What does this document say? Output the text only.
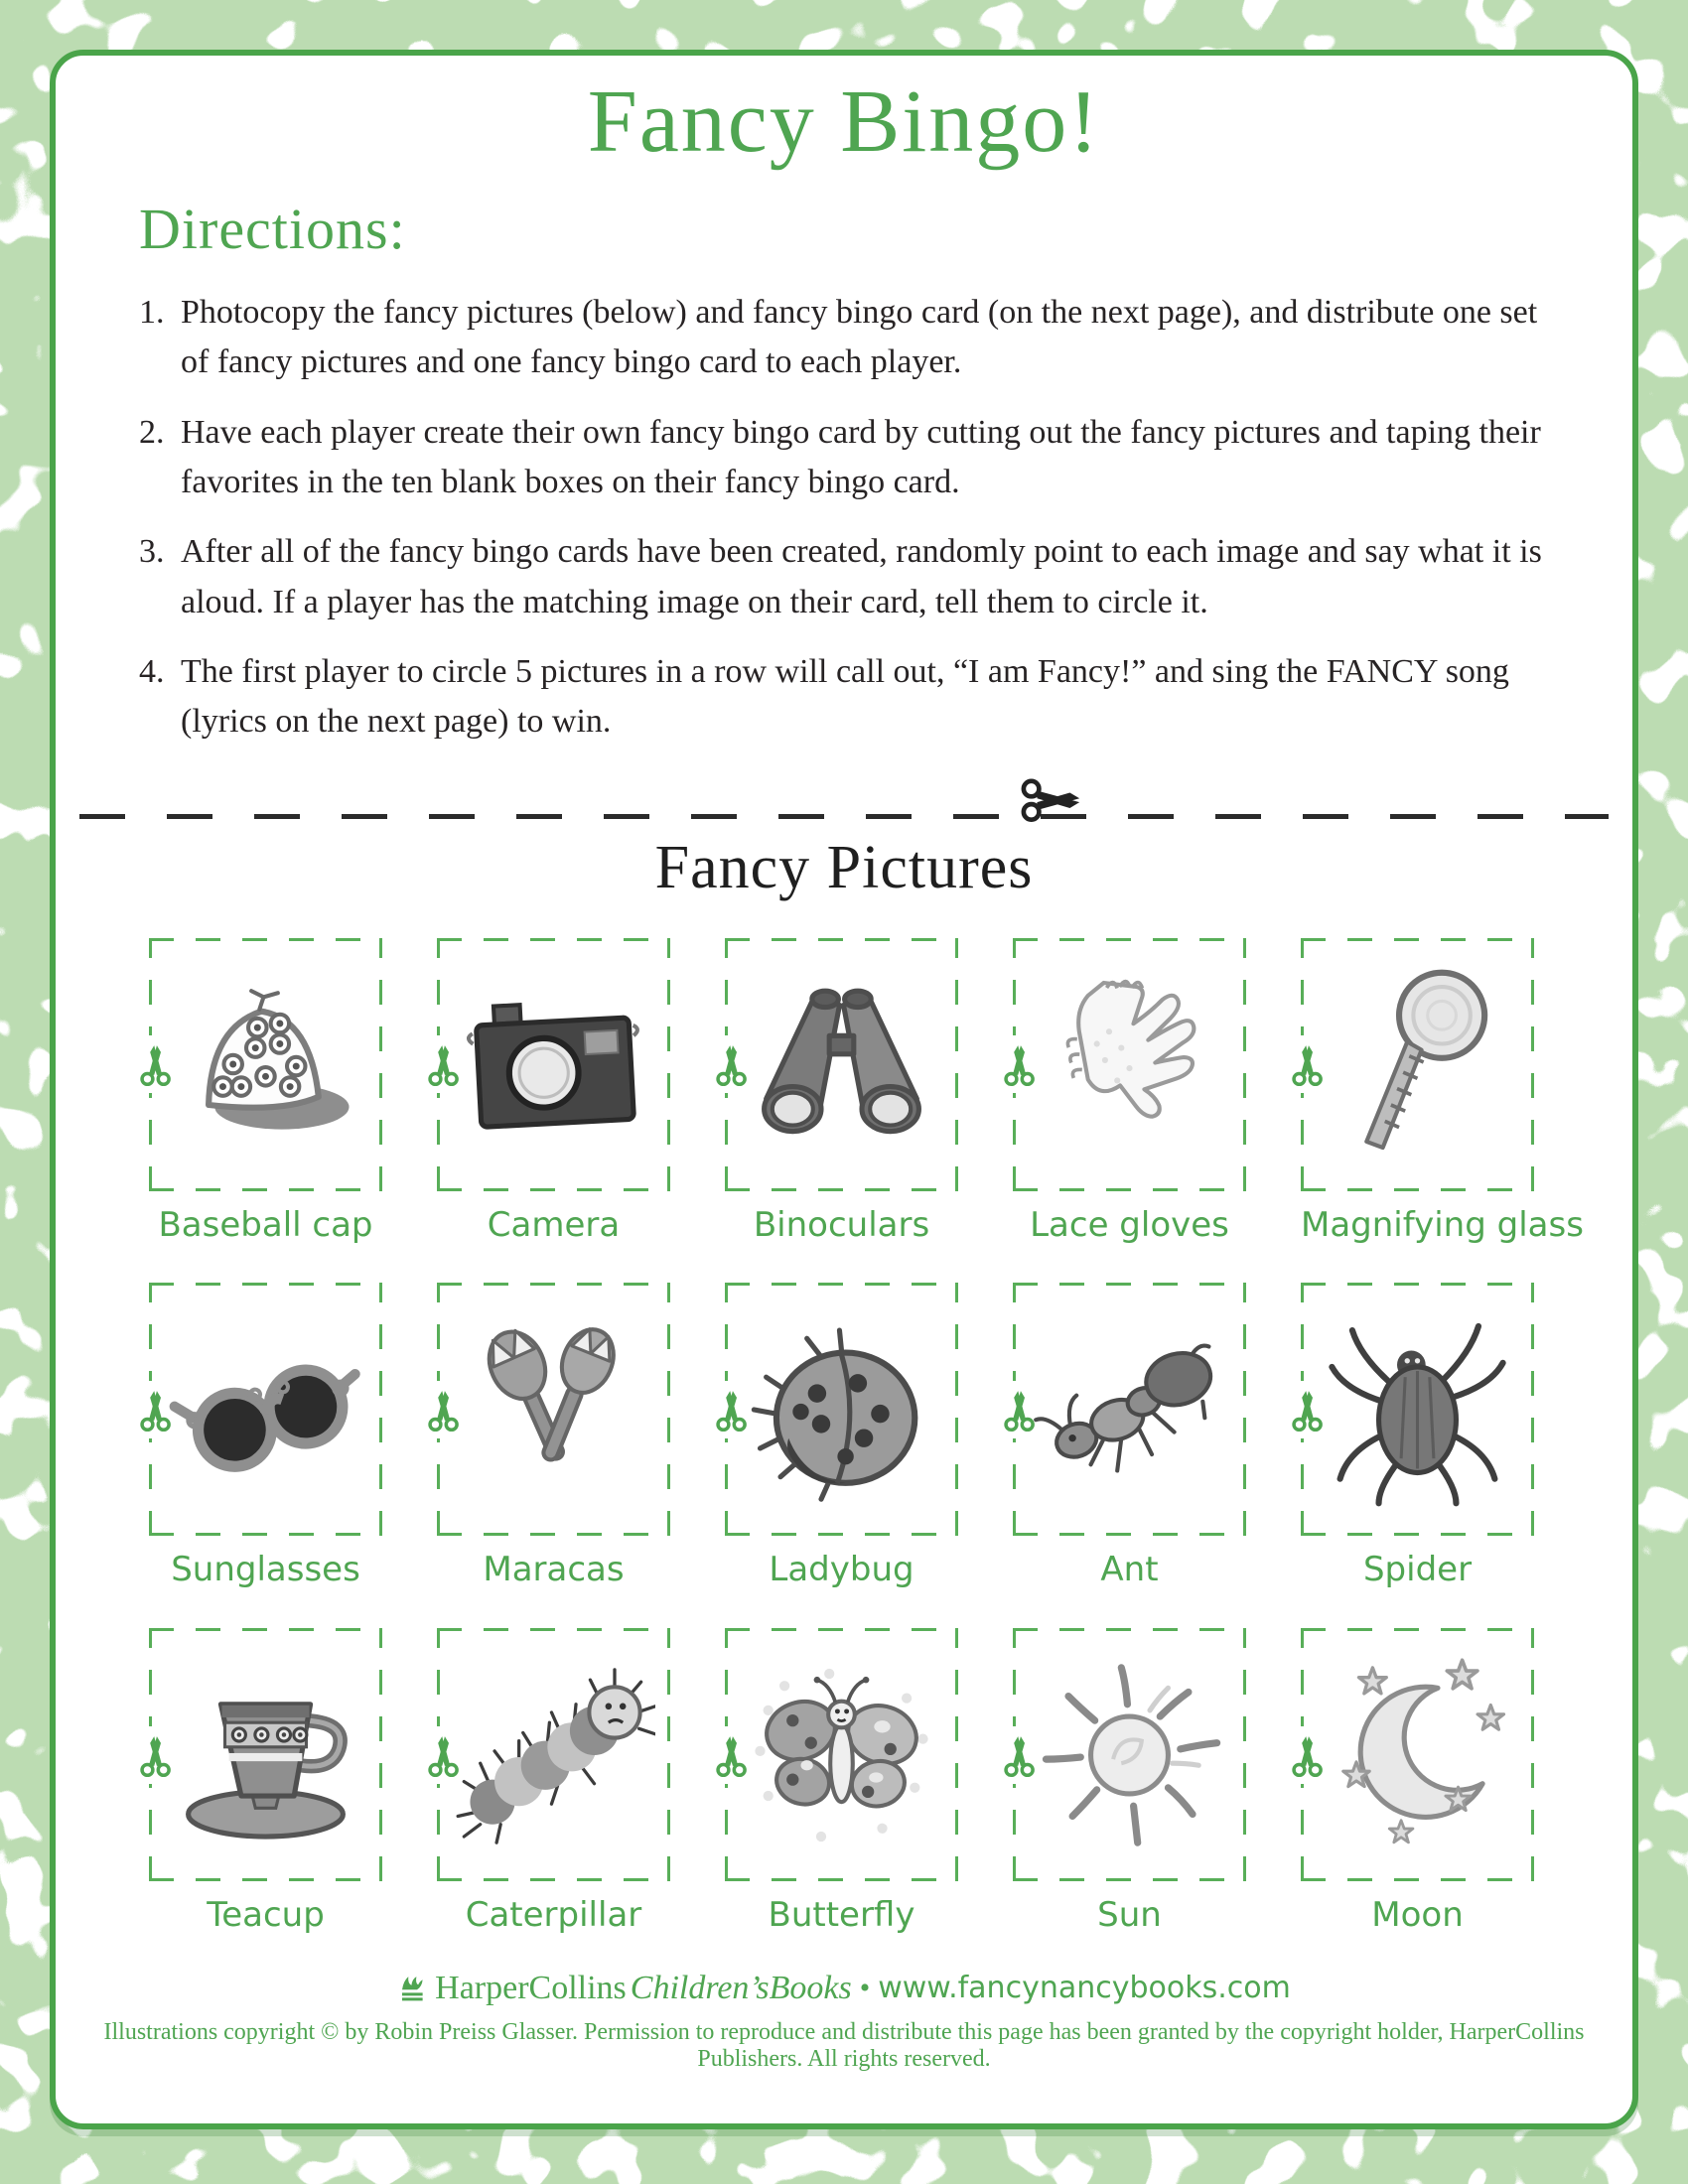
Fancy Bingo!
Directions:
Photocopy the fancy pictures (below) and fancy bingo card (on the next page), and distribute one set of fancy pictures and one fancy bingo card to each player.
Have each player create their own fancy bingo card by cutting out the fancy pictures and taping their favorites in the ten blank boxes on their fancy bingo card.
After all of the fancy bingo cards have been created, randomly point to each image and say what it is aloud. If a player has the matching image on their card, tell them to circle it.
The first player to circle 5 pictures in a row will call out, “I am Fancy!” and sing the FANCY song (lyrics on the next page) to win.
Fancy Pictures
Baseball cap	Camera	Binoculars	Lace gloves	Magnifying glass
Sunglasses	Maracas	Ladybug	Ant	Spider
Teacup	Caterpillar	Butterfly	Sun	Moon
HarperCollins Children’sBooks • www.fancynancybooks.com
Illustrations copyright © by Robin Preiss Glasser. Permission to reproduce and distribute this page has been granted by the copyright holder, HarperCollins Publishers. All rights reserved.
